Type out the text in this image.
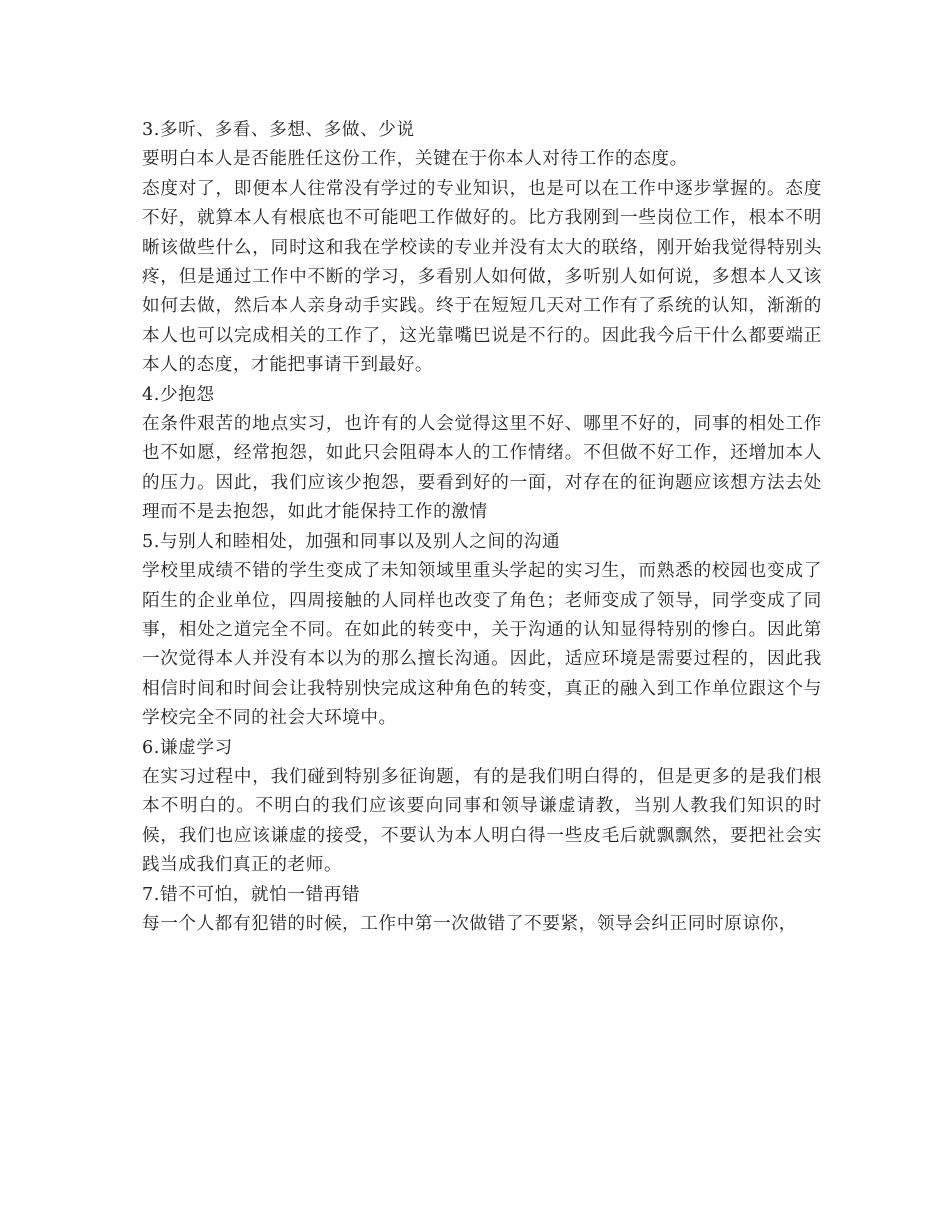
3.多听、多看、多想、多做、少说
要明白本人是否能胜任这份工作，关键在于你本人对待工作的态度。
态度对了，即便本人往常没有学过的专业知识，也是可以在工作中逐步掌握的。态度不好，就算本人有根底也不可能吧工作做好的。比方我刚到一些岗位工作，根本不明晰该做些什么，同时这和我在学校读的专业并没有太大的联络，刚开始我觉得特别头疼，但是通过工作中不断的学习，多看别人如何做，多听别人如何说，多想本人又该如何去做，然后本人亲身动手实践。终于在短短几天对工作有了系统的认知，渐渐的本人也可以完成相关的工作了，这光靠嘴巴说是不行的。因此我今后干什么都要端正本人的态度，才能把事请干到最好。
4.少抱怨
在条件艰苦的地点实习，也许有的人会觉得这里不好、哪里不好的，同事的相处工作也不如愿，经常抱怨，如此只会阻碍本人的工作情绪。不但做不好工作，还增加本人的压力。因此，我们应该少抱怨，要看到好的一面，对存在的征询题应该想方法去处理而不是去抱怨，如此才能保持工作的激情
5.与别人和睦相处，加强和同事以及别人之间的沟通
学校里成绩不错的学生变成了未知领域里重头学起的实习生，而熟悉的校园也变成了陌生的企业单位，四周接触的人同样也改变了角色；老师变成了领导，同学变成了同事，相处之道完全不同。在如此的转变中，关于沟通的认知显得特别的惨白。因此第一次觉得本人并没有本以为的那么擅长沟通。因此，适应环境是需要过程的，因此我相信时间和时间会让我特别快完成这种角色的转变，真正的融入到工作单位跟这个与学校完全不同的社会大环境中。
6.谦虚学习
在实习过程中，我们碰到特别多征询题，有的是我们明白得的，但是更多的是我们根本不明白的。不明白的我们应该要向同事和领导谦虚请教，当别人教我们知识的时候，我们也应该谦虚的接受，不要认为本人明白得一些皮毛后就飘飘然，要把社会实践当成我们真正的老师。
7.错不可怕，就怕一错再错
每一个人都有犯错的时候，工作中第一次做错了不要紧，领导会纠正同时原谅你，
